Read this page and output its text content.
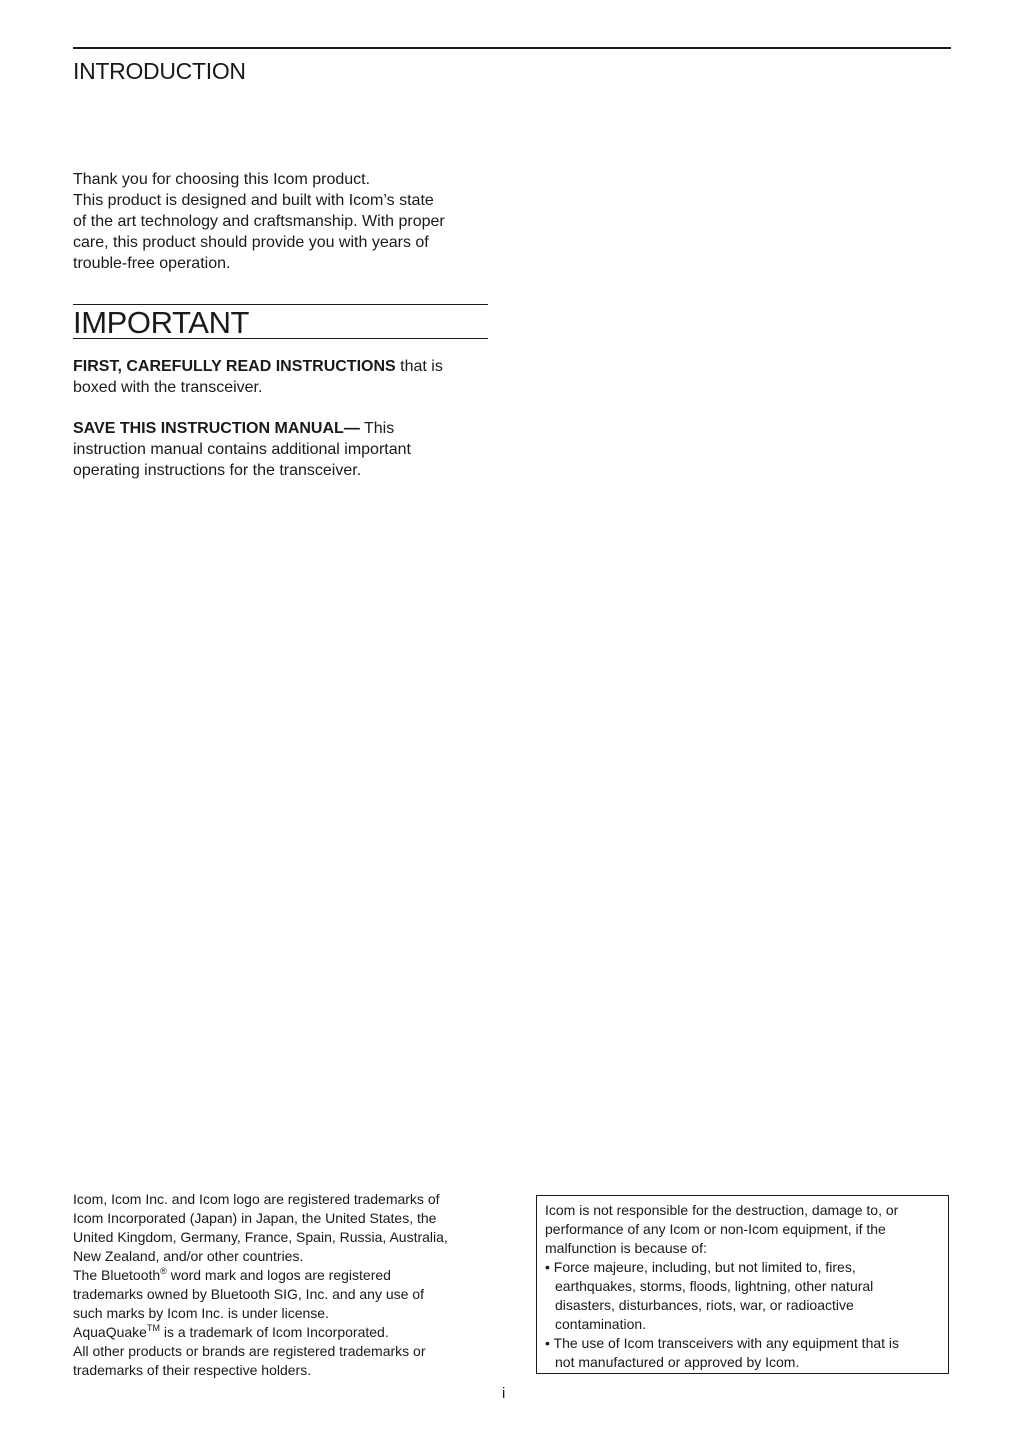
INTRODUCTION
Thank you for choosing this Icom product.
This product is designed and built with Icom’s state
of the art technology and craftsmanship. With proper
care, this product should provide you with years of
trouble-free operation.
IMPORTANT
FIRST, CAREFULLY READ INSTRUCTIONS that is
boxed with the transceiver.
SAVE THIS INSTRUCTION MANUAL— This
instruction manual contains additional important
operating instructions for the transceiver.
Icom, Icom Inc. and Icom logo are registered trademarks of
Icom Incorporated (Japan) in Japan, the United States, the
United Kingdom, Germany, France, Spain, Russia, Australia,
New Zealand, and/or other countries.
The Bluetooth® word mark and logos are registered
trademarks owned by Bluetooth SIG, Inc. and any use of
such marks by Icom Inc. is under license.
AquaQuake™ is a trademark of Icom Incorporated.
All other products or brands are registered trademarks or
trademarks of their respective holders.
Icom is not responsible for the destruction, damage to, or
performance of any Icom or non-Icom equipment, if the
malfunction is because of:
• Force majeure, including, but not limited to, fires,
earthquakes, storms, floods, lightning, other natural
disasters, disturbances, riots, war, or radioactive
contamination.
• The use of Icom transceivers with any equipment that is
not manufactured or approved by Icom.
i
